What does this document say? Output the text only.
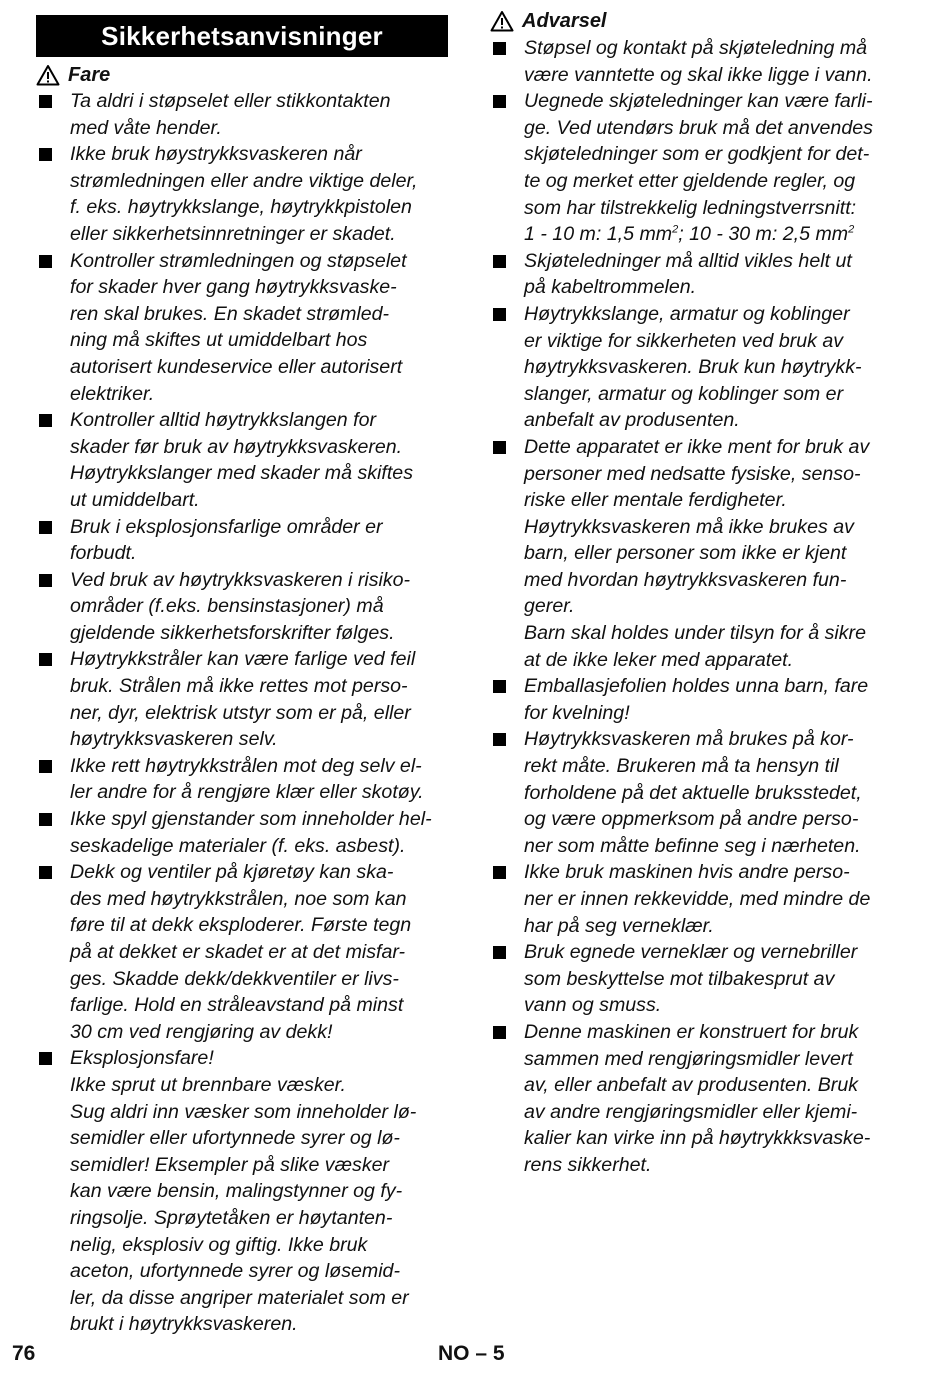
Sikkerhetsanvisninger
Fare
Ta aldri i støpselet eller stikkontakten
med våte hender.
Ikke bruk høystrykksvaskeren når
strømledningen eller andre viktige deler,
f. eks. høytrykkslange, høytrykkpistolen
eller sikkerhetsinnretninger er skadet.
Kontroller strømledningen og støpselet
for skader hver gang høytrykksvaske-
ren skal brukes. En skadet strømled-
ning må skiftes ut umiddelbart hos
autorisert kundeservice eller autorisert
elektriker.
Kontroller alltid høytrykkslangen for
skader før bruk av høytrykksvaskeren.
Høytrykkslanger med skader må skiftes
ut umiddelbart.
Bruk i eksplosjonsfarlige områder er
forbudt.
Ved bruk av høytrykksvaskeren i risiko-
områder (f.eks. bensinstasjoner) må
gjeldende sikkerhetsforskrifter følges.
Høytrykkstråler kan være farlige ved feil
bruk. Strålen må ikke rettes mot perso-
ner, dyr, elektrisk utstyr som er på, eller
høytrykksvaskeren selv.
Ikke rett høytrykkstrålen mot deg selv el-
ler andre for å rengjøre klær eller skotøy.
Ikke spyl gjenstander som inneholder hel-
seskadelige materialer (f. eks. asbest).
Dekk og ventiler på kjøretøy kan ska-
des med høytrykkstrålen, noe som kan
føre til at dekk eksploderer. Første tegn
på at dekket er skadet er at det misfar-
ges. Skadde dekk/dekkventiler er livs-
farlige. Hold en stråleavstand på minst
30 cm ved rengjøring av dekk!
Eksplosjonsfare!
Ikke sprut ut brennbare væsker.
Sug aldri inn væsker som inneholder lø-
semidler eller ufortynnede syrer og lø-
semidler! Eksempler på slike væsker
kan være bensin, malingstynner og fy-
ringsolje. Sprøytetåken er høytanten-
nelig, eksplosiv og giftig. Ikke bruk
aceton, ufortynnede syrer og løsemid-
ler, da disse angriper materialet som er
brukt i høytrykksvaskeren.
Advarsel
Støpsel og kontakt på skjøteledning må
være vanntette og skal ikke ligge i vann.
Uegnede skjøteledninger kan være farli-
ge. Ved utendørs bruk må det anvendes
skjøteledninger som er godkjent for det-
te og merket etter gjeldende regler, og
som har tilstrekkelig ledningstverrsnitt:
1 - 10 m: 1,5 $mm^2$; 10 - 30 m: 2,5 $mm^2$
Skjøteledninger må alltid vikles helt ut
på kabeltrommelen.
Høytrykkslange, armatur og koblinger
er viktige for sikkerheten ved bruk av
høytrykksvaskeren. Bruk kun høytrykk-
slanger, armatur og koblinger som er
anbefalt av produsenten.
Dette apparatet er ikke ment for bruk av
personer med nedsatte fysiske, senso-
riske eller mentale ferdigheter.
Høytrykksvaskeren må ikke brukes av
barn, eller personer som ikke er kjent
med hvordan høytrykksvaskeren fun-
gerer.
Barn skal holdes under tilsyn for å sikre
at de ikke leker med apparatet.
Emballasjefolien holdes unna barn, fare
for kvelning!
Høytrykksvaskeren må brukes på kor-
rekt måte. Brukeren må ta hensyn til
forholdene på det aktuelle bruksstedet,
og være oppmerksom på andre perso-
ner som måtte befinne seg i nærheten.
Ikke bruk maskinen hvis andre perso-
ner er innen rekkevidde, med mindre de
har på seg verneklær.
Bruk egnede verneklær og vernebriller
som beskyttelse mot tilbakesprut av
vann og smuss.
Denne maskinen er konstruert for bruk
sammen med rengjøringsmidler levert
av, eller anbefalt av produsenten. Bruk
av andre rengjøringsmidler eller kjemi-
kalier kan virke inn på høytrykkksvaske-
rens sikkerhet.
76	NO – 5
